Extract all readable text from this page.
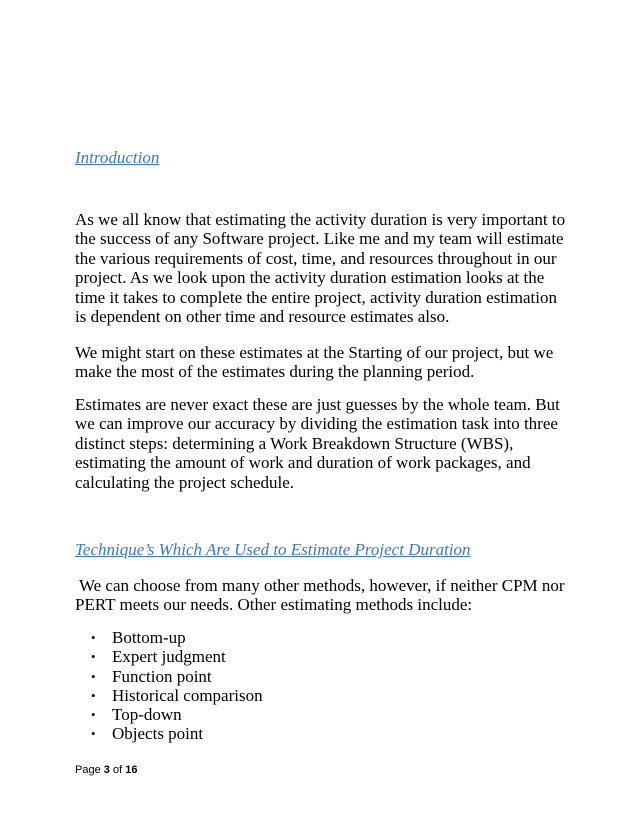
Introduction

As we all know that estimating the activity duration is very important to
the success of any Software project. Like me and my team will estimate
the various requirements of cost, time, and resources throughout in our
project. As we look upon the activity duration estimation looks at the
time it takes to complete the entire project, activity duration estimation
is dependent on other time and resource estimates also.

We might start on these estimates at the Starting of our project, but we
make the most of the estimates during the planning period.

Estimates are never exact these are just guesses by the whole team. But
we can improve our accuracy by dividing the estimation task into three
distinct steps: determining a Work Breakdown Structure (WBS),
estimating the amount of work and duration of work packages, and
calculating the project schedule.

Technique’s Which Are Used to Estimate Project Duration

We can choose from many other methods, however, if neither CPM nor
PERT meets our needs. Other estimating methods include:

• Bottom-up
• Expert judgment
• Function point
• Historical comparison
• Top-down
• Objects point
Page 3 of 16
